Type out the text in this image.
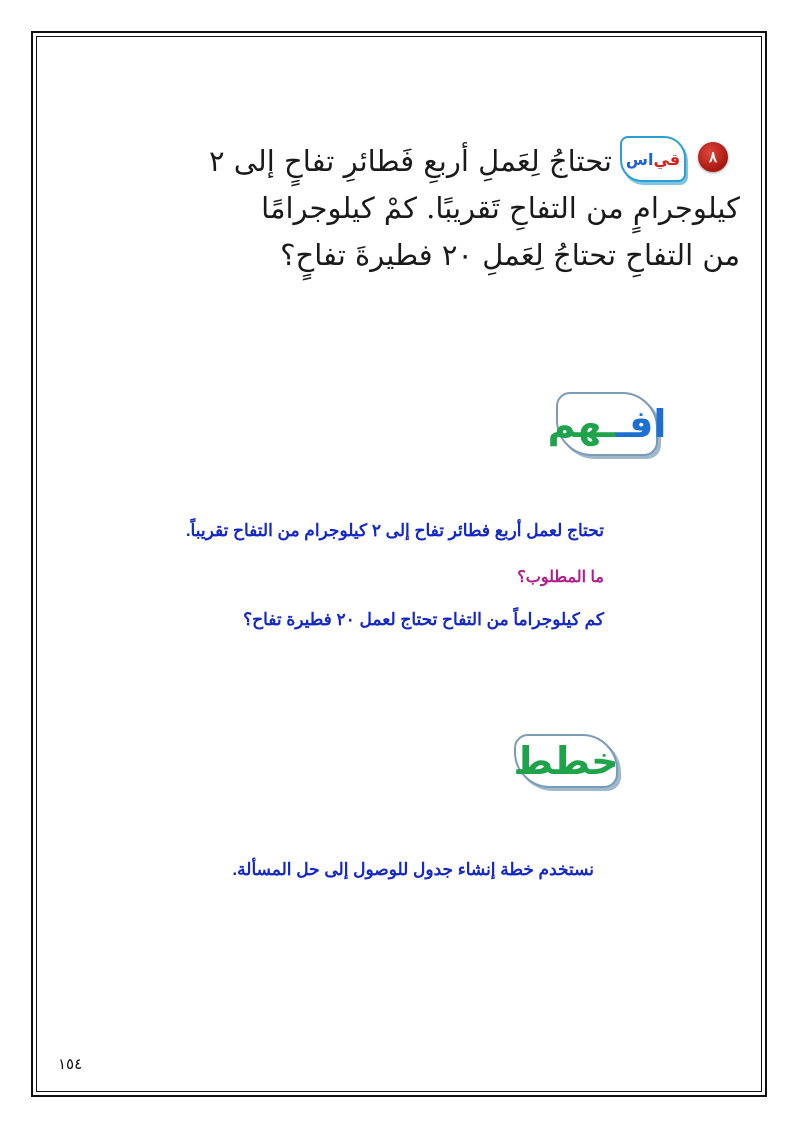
٨
قي
اس

تحتاجُ لِعَملِ أربعِ فَطائرِ تفاحٍ إلى ٢
كيلوجرامٍ من التفاحِ تَقريبًا. كمْ كيلوجرامًا
من التفاحِ تحتاجُ لِعَملِ ٢٠ فطيرةَ تفاحٍ؟

افـ
ـهم
تحتاج لعمل أربع فطائر تفاح إلى ٢ كيلوجرام من التفاح تقريباً.
ما المطلوب؟
كم كيلوجراماً من التفاح تحتاج لعمل ٢٠ فطيرة تفاح؟
خطط
نستخدم خطة إنشاء جدول للوصول إلى حل المسألة.
١٥٤
